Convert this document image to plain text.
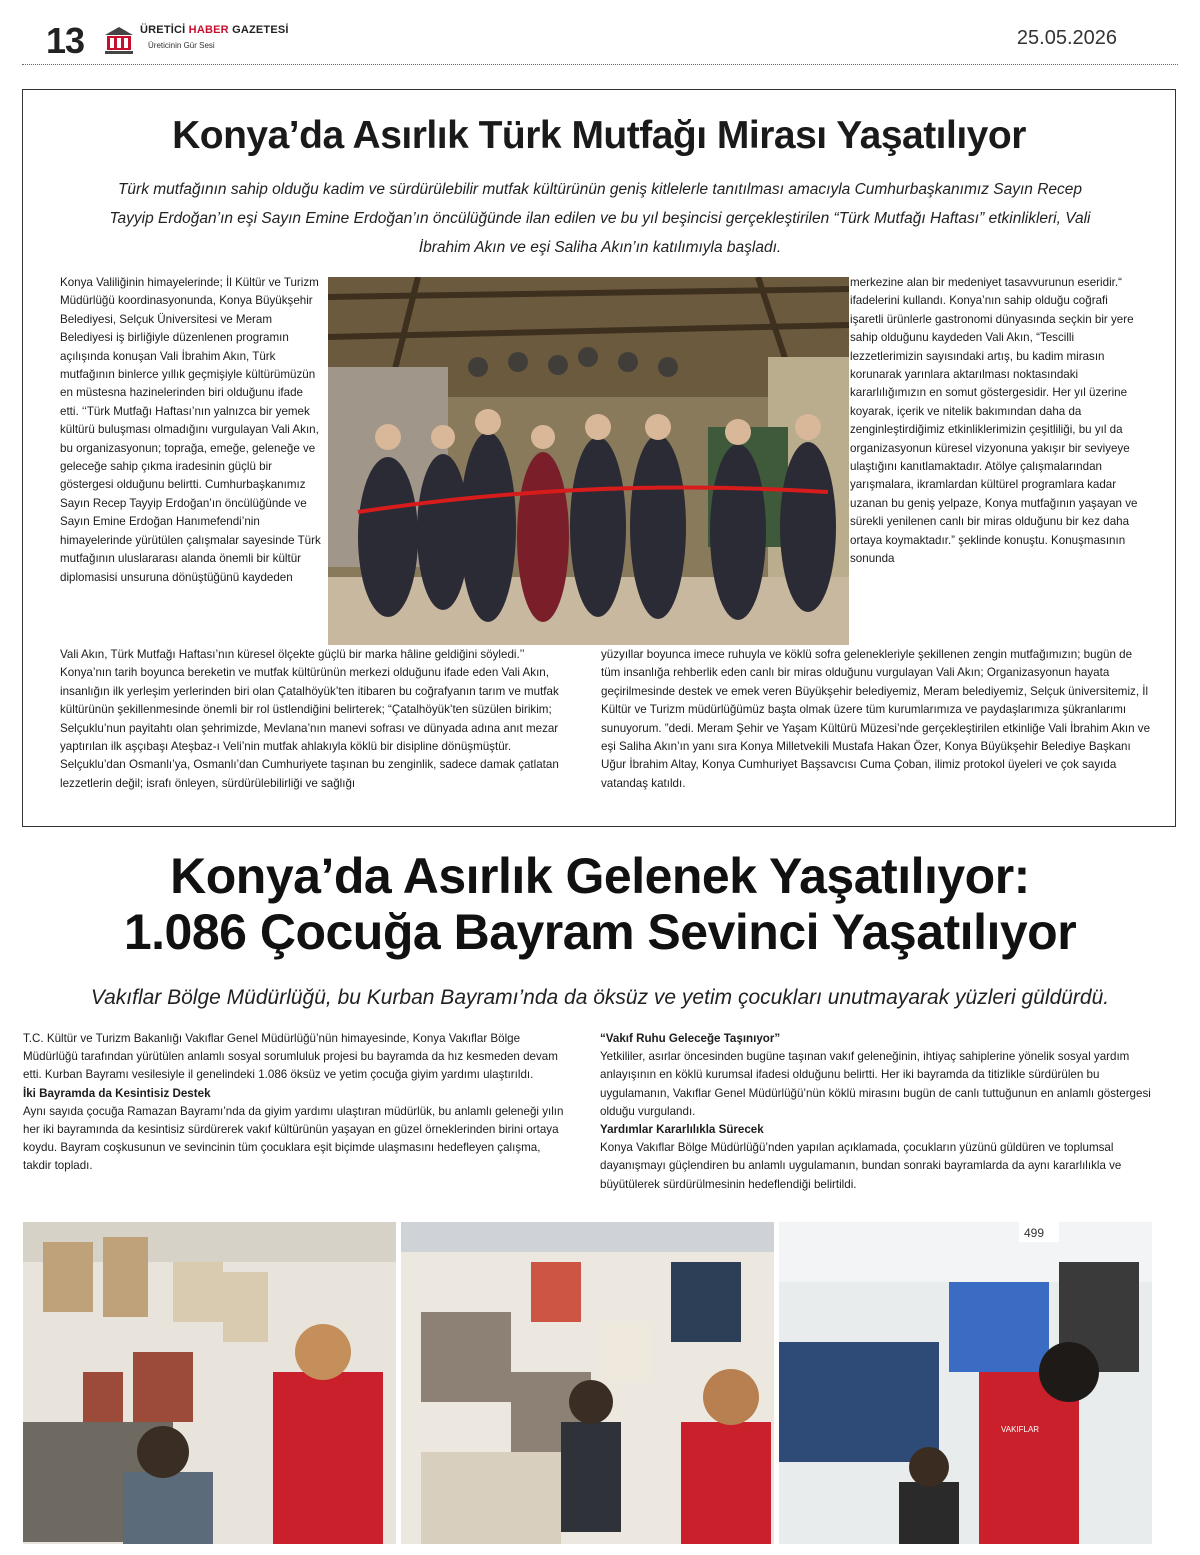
13	ÜRETİCİ HABER GAZETESİ
Üreticinin Gür Sesi	25.05.2026
Konya’da Asırlık Türk Mutfağı Mirası Yaşatılıyor
Türk mutfağının sahip olduğu kadim ve sürdürülebilir mutfak kültürünün geniş kitlelerle tanıtılması amacıyla Cumhurbaşkanımız Sayın Recep Tayyip Erdoğan’ın eşi Sayın Emine Erdoğan’ın öncülüğünde ilan edilen ve bu yıl beşincisi gerçekleştirilen “Türk Mutfağı Haftası” etkinlikleri, Vali İbrahim Akın ve eşi Saliha Akın’ın katılımıyla başladı.

Konya Valiliğinin himayelerinde; İl Kültür ve Turizm Müdürlüğü koordinasyonunda, Konya Büyükşehir Belediyesi, Selçuk Üniversitesi ve Meram Belediyesi iş birliğiyle düzenlenen programın açılışında konuşan Vali İbrahim Akın, Türk mutfağının binlerce yıllık geçmişiyle kültürümüzün en müstesna hazinelerinden biri olduğunu ifade etti. ‘‘Türk Mutfağı Haftası’nın yalnızca bir yemek kültürü buluşması olmadığını vurgulayan Vali Akın, bu organizasyonun; toprağa, emeğe, geleneğe ve geleceğe sahip çıkma iradesinin güçlü bir göstergesi olduğunu belirtti. Cumhurbaşkanımız Sayın Recep Tayyip Erdoğan’ın öncülüğünde ve Sayın Emine Erdoğan Hanımefendi’nin himayelerinde yürütülen çalışmalar sayesinde Türk mutfağının uluslararası alanda önemli bir kültür diplomasisi unsuruna dönüştüğünü kaydeden

merkezine alan bir medeniyet tasavvurunun eseridir.“ ifadelerini kullandı. Konya’nın sahip olduğu coğrafi işaretli ürünlerle gastronomi dünyasında seçkin bir yere sahip olduğunu kaydeden Vali Akın, “Tescilli lezzetlerimizin sayısındaki artış, bu kadim mirasın korunarak yarınlara aktarılması noktasındaki kararlılığımızın en somut göstergesidir. Her yıl üzerine koyarak, içerik ve nitelik bakımından daha da zenginleştirdiğimiz etkinliklerimizin çeşitliliği, bu yıl da organizasyonun küresel vizyonuna yakışır bir seviyeye ulaştığını kanıtlamaktadır. Atölye çalışmalarından yarışmalara, ikramlardan kültürel programlara kadar uzanan bu geniş yelpaze, Konya mutfağının yaşayan ve sürekli yenilenen canlı bir miras olduğunu bir kez daha ortaya koymaktadır.” şeklinde konuştu. Konuşmasının sonunda

Vali Akın, Türk Mutfağı Haftası’nın küresel ölçekte güçlü bir marka hâline geldiğini söyledi.’’ Konya’nın tarih boyunca bereketin ve mutfak kültürünün merkezi olduğunu ifade eden Vali Akın, insanlığın ilk yerleşim yerlerinden biri olan Çatalhöyük’ten itibaren bu coğrafyanın tarım ve mutfak kültürünün şekillenmesinde önemli bir rol üstlendiğini belirterek; “Çatalhöyük’ten süzülen birikim; Selçuklu’nun payitahtı olan şehrimizde, Mevlana’nın manevi sofrası ve dünyada adına anıt mezar yaptırılan ilk aşçıbaşı Ateşbaz-ı Veli’nin mutfak ahlakıyla köklü bir disipline dönüşmüştür. Selçuklu’dan Osmanlı’ya, Osmanlı’dan Cumhuriyete taşınan bu zenginlik, sadece damak çatlatan lezzetlerin değil; israfı önleyen, sürdürülebilirliği ve sağlığı

yüzyıllar boyunca imece ruhuyla ve köklü sofra gelenekleriyle şekillenen zengin mutfağımızın; bugün de tüm insanlığa rehberlik eden canlı bir miras olduğunu vurgulayan Vali Akın; Organizasyonun hayata geçirilmesinde destek ve emek veren Büyükşehir belediyemiz, Meram belediyemiz, Selçuk üniversitemiz, İl Kültür ve Turizm müdürlüğümüz başta olmak üzere tüm kurumlarımıza ve paydaşlarımıza şükranlarımı sunuyorum. ”dedi. Meram Şehir ve Yaşam Kültürü Müzesi’nde gerçekleştirilen etkinliğe Vali İbrahim Akın ve eşi Saliha Akın’ın yanı sıra Konya Milletvekili Mustafa Hakan Özer, Konya Büyükşehir Belediye Başkanı Uğur İbrahim Altay, Konya Cumhuriyet Başsavcısı Cuma Çoban, ilimiz protokol üyeleri ve çok sayıda vatandaş katıldı.

Konya’da Asırlık Gelenek Yaşatılıyor:
1.086 Çocuğa Bayram Sevinci Yaşatılıyor
Vakıflar Bölge Müdürlüğü, bu Kurban Bayramı’nda da öksüz ve yetim çocukları unutmayarak yüzleri güldürdü.

T.C. Kültür ve Turizm Bakanlığı Vakıflar Genel Müdürlüğü’nün himayesinde, Konya Vakıflar Bölge Müdürlüğü tarafından yürütülen anlamlı sosyal sorumluluk projesi bu bayramda da hız kesmeden devam etti. Kurban Bayramı vesilesiyle il genelindeki 1.086 öksüz ve yetim çocuğa giyim yardımı ulaştırıldı.

İki Bayramda da Kesintisiz Destek

Aynı sayıda çocuğa Ramazan Bayramı’nda da giyim yardımı ulaştıran müdürlük, bu anlamlı geleneği yılın her iki bayramında da kesintisiz sürdürerek vakıf kültürünün yaşayan en güzel örneklerinden birini ortaya koydu. Bayram coşkusunun ve sevincinin tüm çocuklara eşit biçimde ulaşmasını hedefleyen çalışma, takdir topladı.

“Vakıf Ruhu Geleceğe Taşınıyor”

Yetkililer, asırlar öncesinden bugüne taşınan vakıf geleneğinin, ihtiyaç sahiplerine yönelik sosyal yardım anlayışının en köklü kurumsal ifadesi olduğunu belirtti. Her iki bayramda da titizlikle sürdürülen bu uygulamanın, Vakıflar Genel Müdürlüğü’nün köklü mirasını bugün de canlı tuttuğunun en anlamlı göstergesi olduğu vurgulandı.

Yardımlar Kararlılıkla Sürecek

Konya Vakıflar Bölge Müdürlüğü’nden yapılan açıklamada, çocukların yüzünü güldüren ve toplumsal dayanışmayı güçlendiren bu anlamlı uygulamanın, bundan sonraki bayramlarda da aynı kararlılıkla ve büyütülerek sürdürülmesinin hedeflendiği belirtildi.

499
VAKIFLAR
